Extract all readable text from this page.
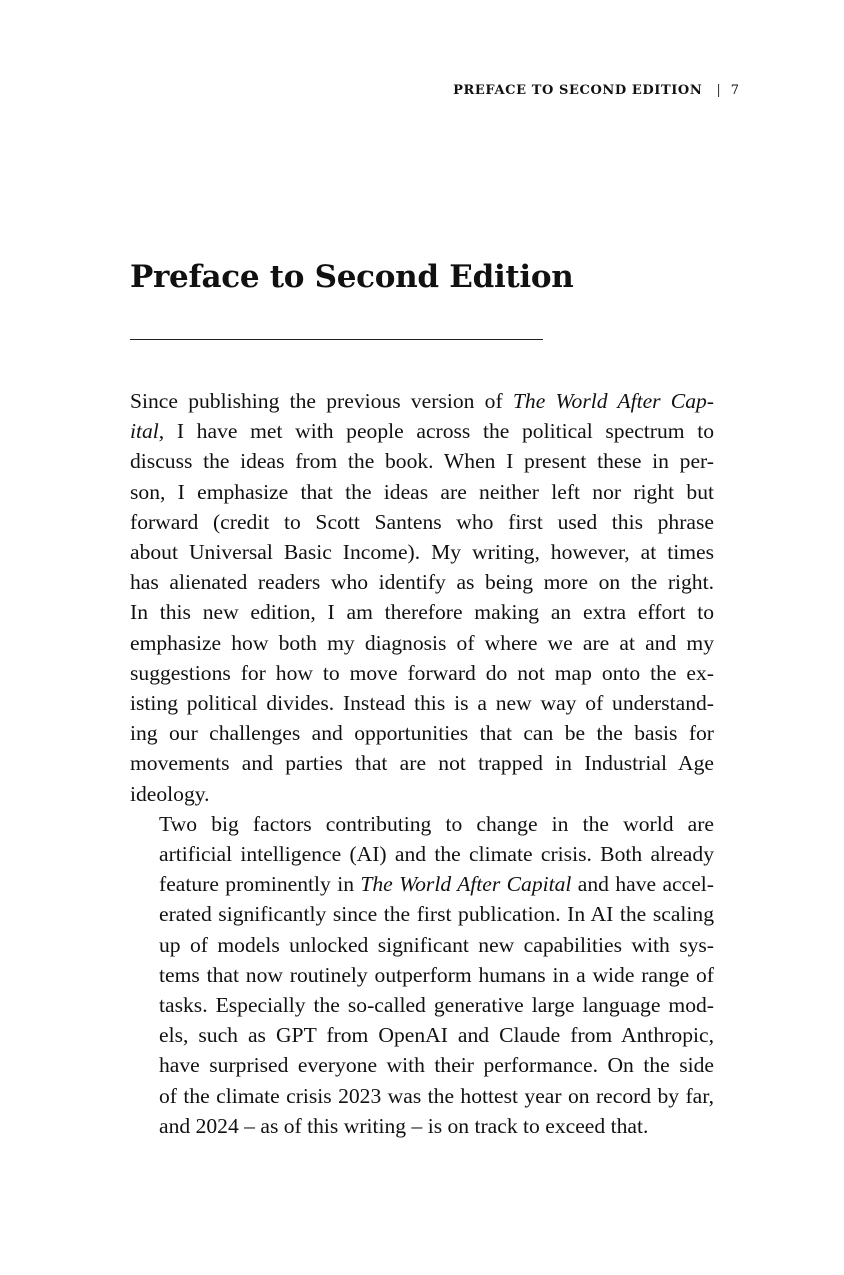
PREFACE TO SECOND EDITION | 7
Preface to Second Edition

Since publishing the previous version of The World After Cap-
ital, I have met with people across the political spectrum to
discuss the ideas from the book. When I present these in per-
son, I emphasize that the ideas are neither left nor right but
forward (credit to Scott Santens who first used this phrase
about Universal Basic Income). My writing, however, at times
has alienated readers who identify as being more on the right.
In this new edition, I am therefore making an extra effort to
emphasize how both my diagnosis of where we are at and my
suggestions for how to move forward do not map onto the ex-
isting political divides. Instead this is a new way of understand-
ing our challenges and opportunities that can be the basis for
movements and parties that are not trapped in Industrial Age
ideology.

Two big factors contributing to change in the world are
artificial intelligence (AI) and the climate crisis. Both already
feature prominently in The World After Capital and have accel-
erated significantly since the first publication. In AI the scaling
up of models unlocked significant new capabilities with sys-
tems that now routinely outperform humans in a wide range of
tasks. Especially the so-called generative large language mod-
els, such as GPT from OpenAI and Claude from Anthropic,
have surprised everyone with their performance. On the side
of the climate crisis 2023 was the hottest year on record by far,
and 2024 – as of this writing – is on track to exceed that.
